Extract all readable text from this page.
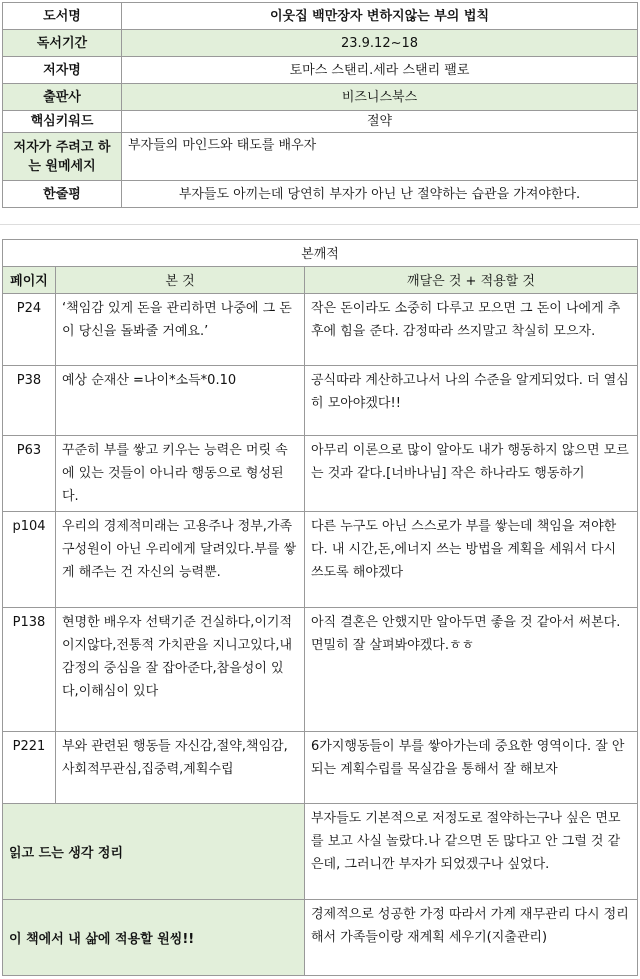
도서명	이웃집 백만장자 변하지않는 부의 법칙
독서기간	23.9.12~18
저자명	토마스 스탠리.세라 스탠리 팰로
출판사	비즈니스북스
핵심키워드	절약
저자가 주려고 하는 원메세지	부자들의 마인드와 태도를 배우자
한줄평	부자들도 아끼는데 당연히 부자가 아닌 난 절약하는 습관을 가져야한다.
본깨적		
페이지	본 것	깨달은 것 + 적용할 것
P24	‘책임감 있게 돈을 관리하면 나중에 그 돈이 당신을 돌봐줄 거예요.’	작은 돈이라도 소중히 다루고 모으면 그 돈이 나에게 추후에 힘을 준다. 감정따라 쓰지말고 착실히 모으자.
P38	예상 순재산 =나이*소득*0.10	공식따라 계산하고나서 나의 수준을 알게되었다. 더 열심히 모아야겠다!!
P63	꾸준히 부를 쌓고 키우는 능력은 머릿 속에 있는 것들이 아니라 행동으로 형성된다.	아무리 이론으로 많이 알아도 내가 행동하지 않으면 모르는 것과 같다.[너바나님] 작은 하나라도 행동하기
p104	우리의 경제적미래는 고용주나 정부,가족구성원이 아닌 우리에게 달려있다.부를 쌓게 해주는 건 자신의 능력뿐.	다른 누구도 아닌 스스로가 부를 쌓는데 책임을 져야한다. 내 시간,돈,에너지 쓰는 방법을 계획을 세워서 다시 쓰도록 해야겠다
P138	현명한 배우자 선택기준 건실하다,이기적이지않다,전통적 가치관을 지니고있다,내 감정의 중심을 잘 잡아준다,참을성이 있다,이해심이 있다	아직 결혼은 안했지만 알아두면 좋을 것 같아서 써본다. 면밀히 잘 살펴봐야겠다.ㅎㅎ
P221	부와 관련된 행동들 자신감,절약,책임감,사회적무관심,집중력,계획수립	6가지행동들이 부를 쌓아가는데 중요한 영역이다. 잘 안되는 계획수립를 목실감을 통해서 잘 해보자
읽고 드는 생각 정리		부자들도 기본적으로 저정도로 절약하는구나 싶은 면모를 보고 사실 놀랐다.나 같으면 돈 많다고 안 그럴 것 같은데, 그러니깐 부자가 되었겠구나 싶었다.
이 책에서 내 삶에 적용할 원씽!!		경제적으로 성공한 가정 따라서 가계 재무관리 다시 정리해서 가족들이랑 재계획 세우기(지출관리)
